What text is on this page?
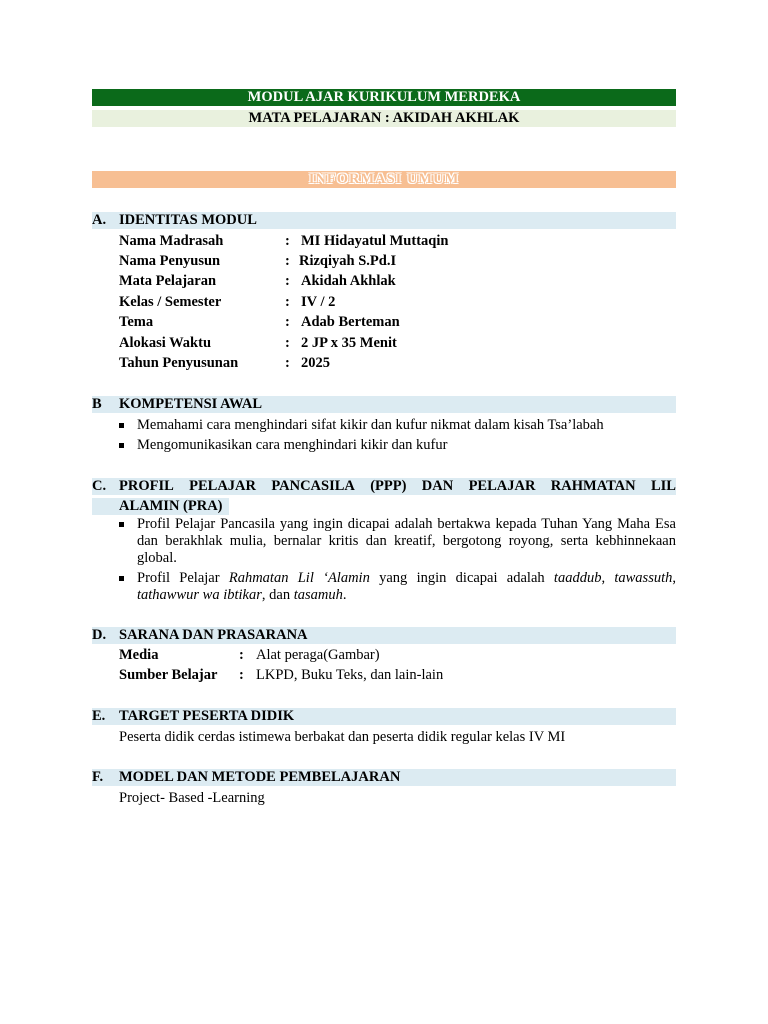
MODUL AJAR KURIKULUM MERDEKA
MATA PELAJARAN : AKIDAH AKHLAK
INFORMASI UMUM
A. IDENTITAS MODUL
Nama Madrasah	: MI Hidayatul Muttaqin
Nama Penyusun	: Rizqiyah S.Pd.I
Mata Pelajaran	: Akidah Akhlak
Kelas / Semester	: IV / 2
Tema	: Adab Berteman
Alokasi Waktu	: 2 JP x 35 Menit
Tahun Penyusunan	: 2025
B KOMPETENSI AWAL
Memahami cara menghindari sifat kikir dan kufur nikmat dalam kisah Tsa’labah
Mengomunikasikan cara menghindari kikir dan kufur
C. PROFIL PELAJAR PANCASILA (PPP) DAN PELAJAR RAHMATAN LIL
ALAMIN (PRA)
Profil Pelajar Pancasila yang ingin dicapai adalah bertakwa kepada Tuhan Yang Maha Esa dan berakhlak mulia, bernalar kritis dan kreatif, bergotong royong, serta kebhinnekaan global.
Profil Pelajar Rahmatan Lil ‘Alamin yang ingin dicapai adalah taaddub, tawassuth, tathawwur wa ibtikar, dan tasamuh.
D. SARANA DAN PRASARANA
Media	: Alat peraga(Gambar)
Sumber Belajar : LKPD, Buku Teks, dan lain-lain
E. TARGET PESERTA DIDIK
Peserta didik cerdas istimewa berbakat dan peserta didik regular kelas IV MI
F. MODEL DAN METODE PEMBELAJARAN
Project- Based -Learning
